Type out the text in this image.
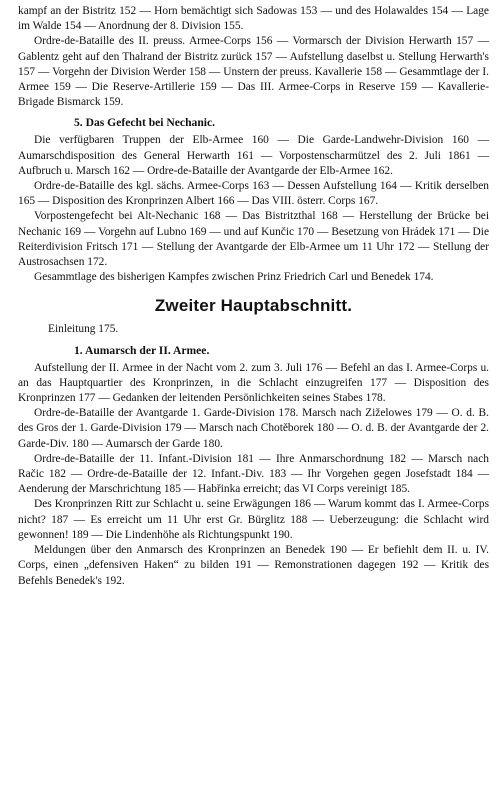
kampf an der Bistritz 152 — Horn bemächtigt sich Sadowas 153 — und des Holawaldes 154 — Lage im Walde 154 — Anordnung der 8. Division 155.

Ordre-de-Bataille des II. preuss. Armee-Corps 156 — Vormarsch der Division Herwarth 157 — Gablentz geht auf den Thalrand der Bistritz zurück 157 — Aufstellung daselbst u. Stellung Herwarth's 157 — Vorgehn der Division Werder 158 — Unstern der preuss. Kavallerie 158 — Gesammtlage der I. Armee 159 — Die Reserve-Artillerie 159 — Das III. Armee-Corps in Reserve 159 — Kavallerie-Brigade Bismarck 159.

5. Das Gefecht bei Nechanic.

Die verfügbaren Truppen der Elb-Armee 160 — Die Garde-Landwehr-Division 160 — Aumarschdisposition des General Herwarth 161 — Vorpostenscharmützel des 2. Juli 1861 — Aufbruch u. Marsch 162 — Ordre-de-Bataille der Avantgarde der Elb-Armee 162.

Ordre-de-Bataille des kgl. sächs. Armee-Corps 163 — Dessen Aufstellung 164 — Kritik derselben 165 — Disposition des Kronprinzen Albert 166 — Das VIII. österr. Corps 167.

Vorpostengefecht bei Alt-Nechanic 168 — Das Bistritzthal 168 — Herstellung der Brücke bei Nechanic 169 — Vorgehn auf Lubno 169 — und auf Kunčic 170 — Besetzung von Hrádek 171 — Die Reiterdivision Fritsch 171 — Stellung der Avantgarde der Elb-Armee um 11 Uhr 172 — Stellung der Austrosachsen 172.

Gesammtlage des bisherigen Kampfes zwischen Prinz Friedrich Carl und Benedek 174.

Zweiter Hauptabschnitt.

Einleitung 175.

1. Aumarsch der II. Armee.

Aufstellung der II. Armee in der Nacht vom 2. zum 3. Juli 176 — Befehl an das I. Armee-Corps u. an das Hauptquartier des Kronprinzen, in die Schlacht einzugreifen 177 — Disposition des Kronprinzen 177 — Gedanken der leitenden Persönlichkeiten seines Stabes 178.

Ordre-de-Bataille der Avantgarde 1. Garde-Division 178. Marsch nach Ziželowes 179 — O. d. B. des Gros der 1. Garde-Division 179 — Marsch nach Chotěborek 180 — O. d. B. der Avantgarde der 2. Garde-Div. 180 — Aumarsch der Garde 180.

Ordre-de-Bataille der 11. Infant.-Division 181 — Ihre Anmarschordnung 182 — Marsch nach Račic 182 — Ordre-de-Bataille der 12. Infant.-Div. 183 — Ihr Vorgehen gegen Josefstadt 184 — Aenderung der Marschrichtung 185 — Habřinka erreicht; das VI Corps vereinigt 185.

Des Kronprinzen Ritt zur Schlacht u. seine Erwägungen 186 — Warum kommt das I. Armee-Corps nicht? 187 — Es erreicht um 11 Uhr erst Gr. Bürglitz 188 — Ueberzeugung: die Schlacht wird gewonnen! 189 — Die Lindenhöhe als Richtungspunkt 190.

Meldungen über den Anmarsch des Kronprinzen an Benedek 190 — Er befiehlt dem II. u. IV. Corps, einen „defensiven Haken“ zu bilden 191 — Remonstrationen dagegen 192 — Kritik des Befehls Benedek's 192.
